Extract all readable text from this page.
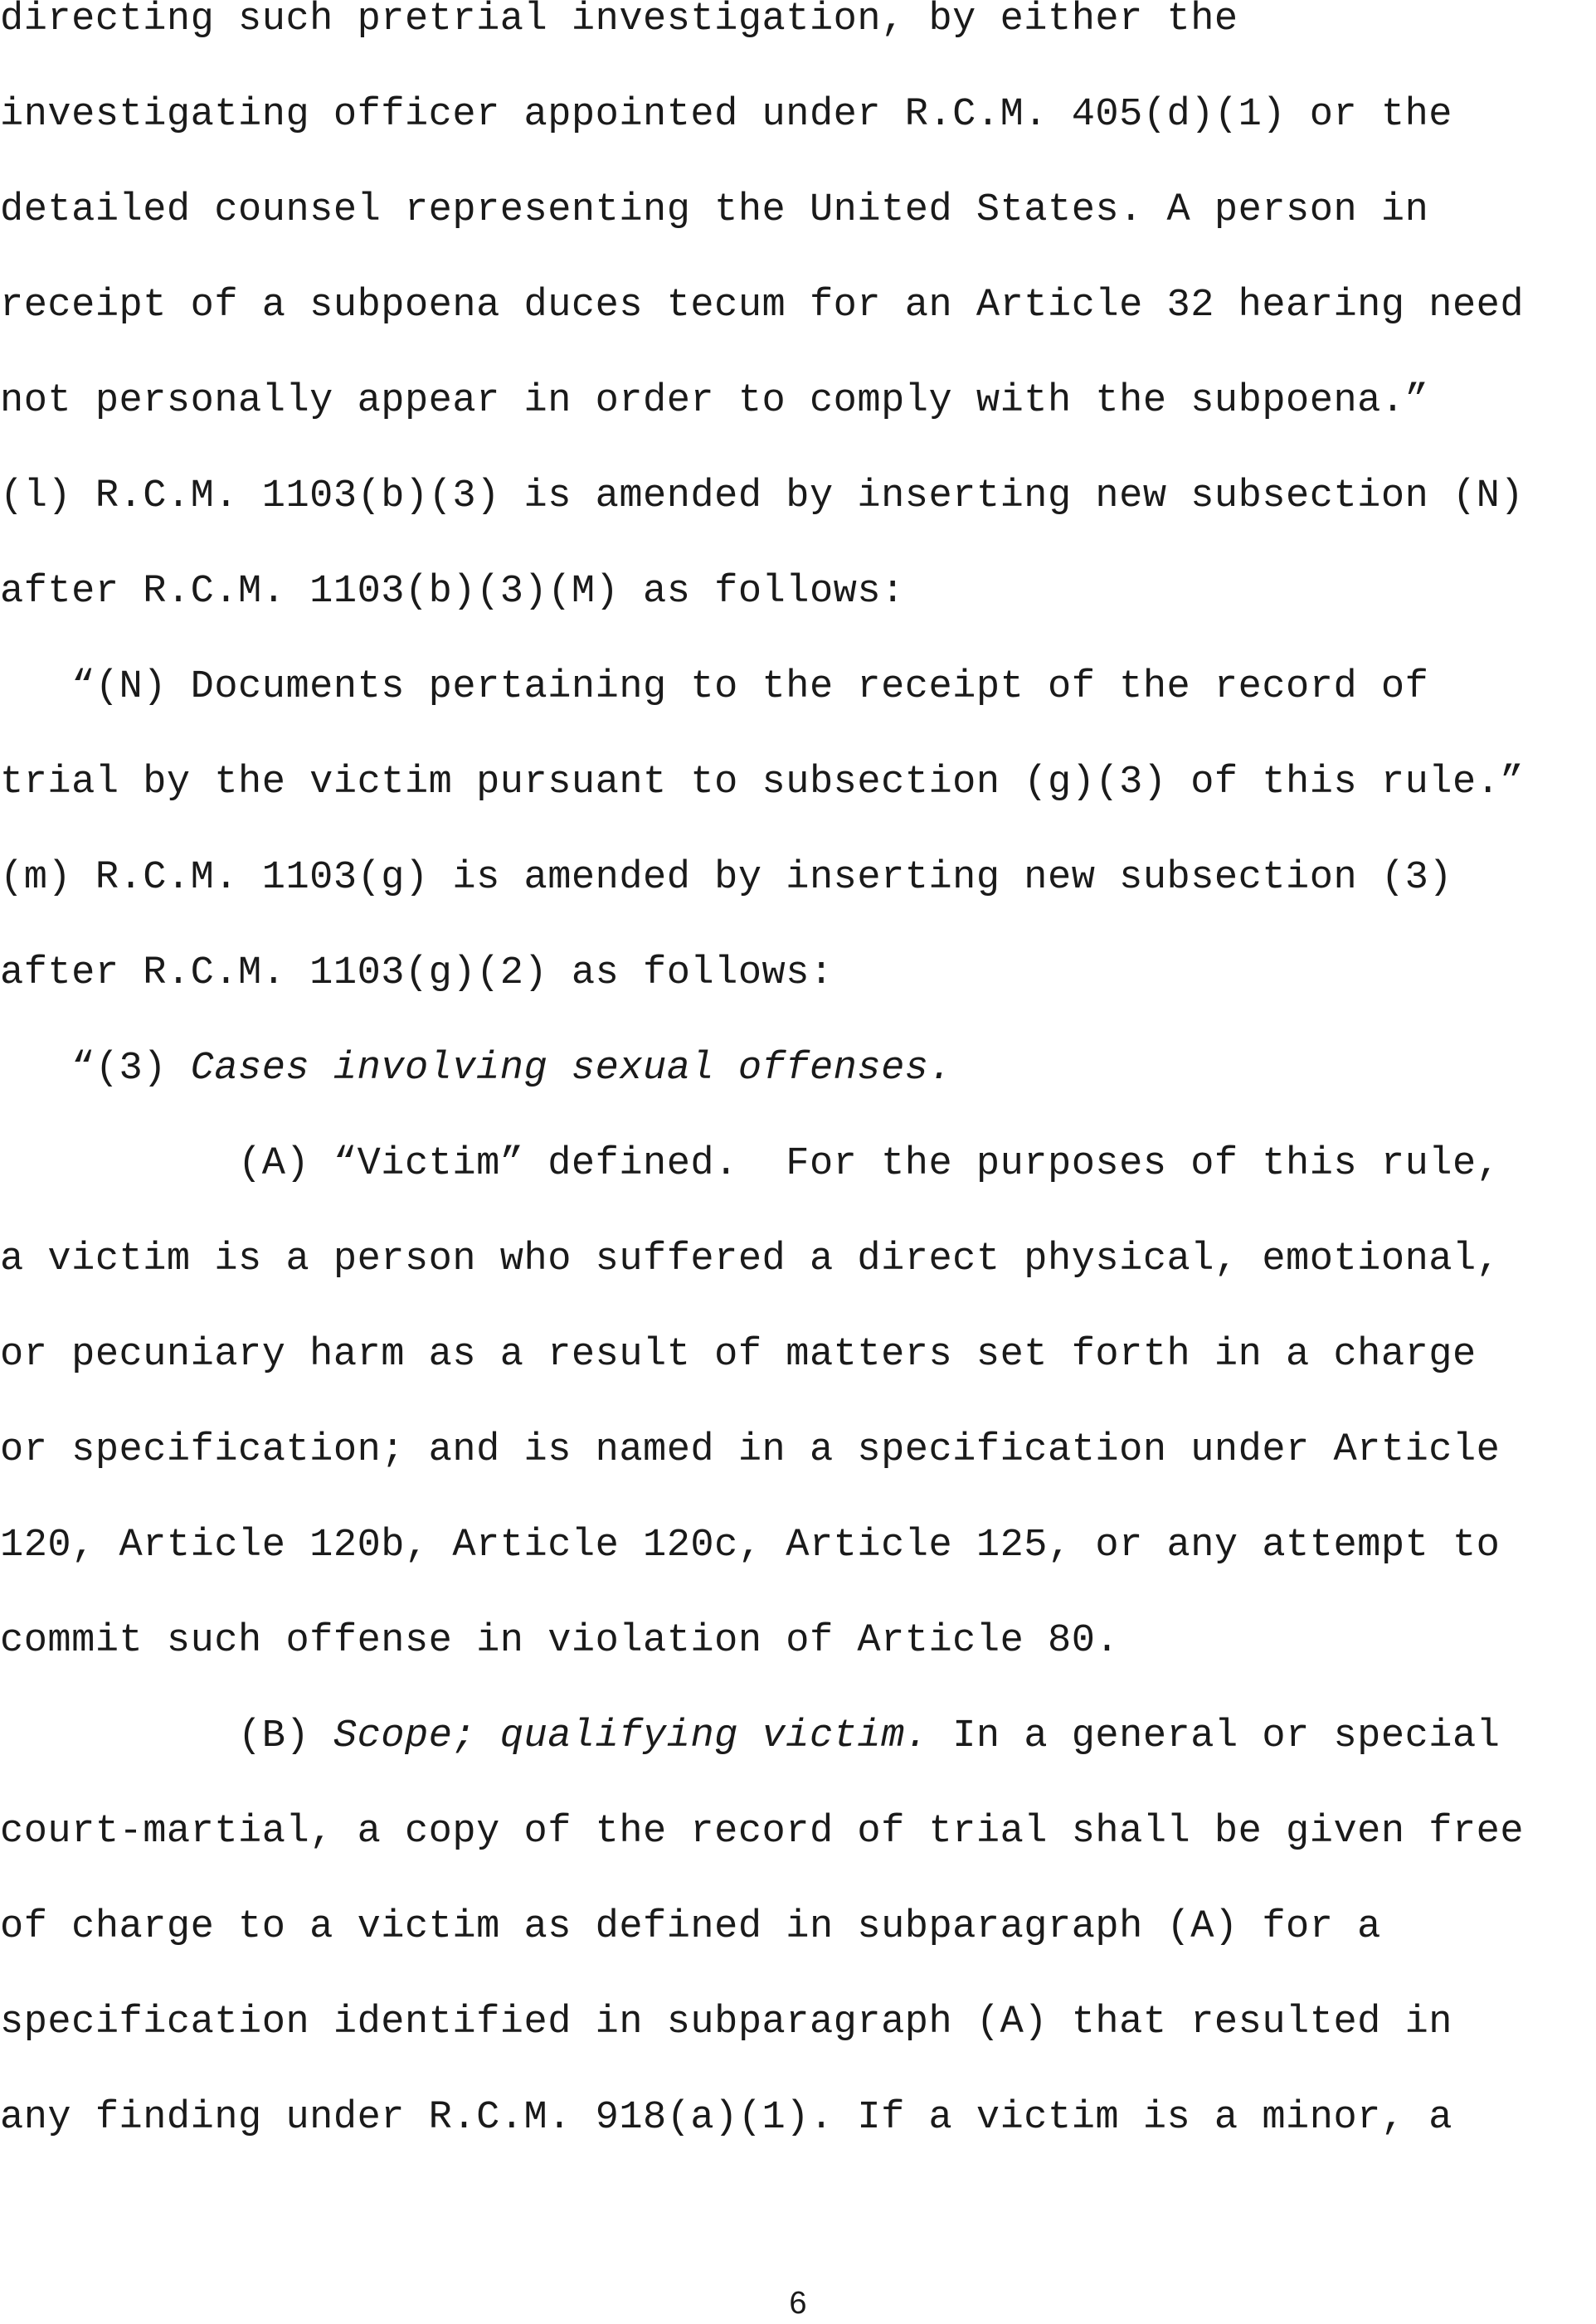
directing such pretrial investigation, by either the
investigating officer appointed under R.C.M. 405(d)(1) or the
detailed counsel representing the United States. A person in
receipt of a subpoena duces tecum for an Article 32 hearing need
not personally appear in order to comply with the subpoena.”
(l) R.C.M. 1103(b)(3) is amended by inserting new subsection (N)
after R.C.M. 1103(b)(3)(M) as follows:
“(N) Documents pertaining to the receipt of the record of
trial by the victim pursuant to subsection (g)(3) of this rule.”
(m) R.C.M. 1103(g) is amended by inserting new subsection (3)
after R.C.M. 1103(g)(2) as follows:
“(3) Cases involving sexual offenses.
(A) “Victim” defined.  For the purposes of this rule,
a victim is a person who suffered a direct physical, emotional,
or pecuniary harm as a result of matters set forth in a charge
or specification; and is named in a specification under Article
120, Article 120b, Article 120c, Article 125, or any attempt to
commit such offense in violation of Article 80.
(B) Scope; qualifying victim. In a general or special
court-martial, a copy of the record of trial shall be given free
of charge to a victim as defined in subparagraph (A) for a
specification identified in subparagraph (A) that resulted in
any finding under R.C.M. 918(a)(1). If a victim is a minor, a
6
